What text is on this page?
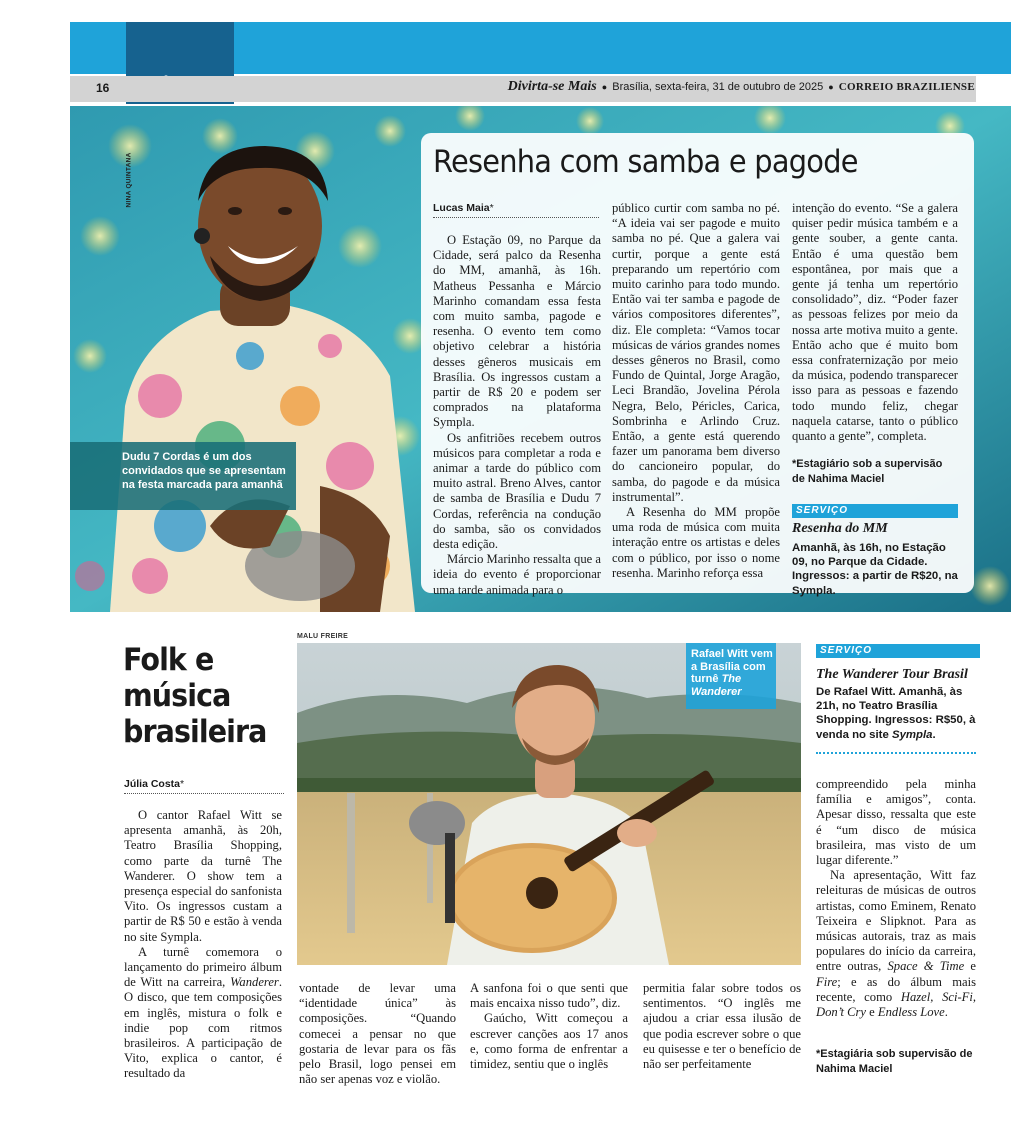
16	Divirta-se Mais ● Brasília, sexta-feira, 31 de outubro de 2025 ● CORREIO BRAZILIENSE
NINA QUINTANA

Dudu 7 Cordas é um dos convidados que se apresentam na festa marcada para amanhã

Resenha com samba e pagode
Lucas Maia*

O Estação 09, no Parque da Cidade, será palco da Resenha do MM, amanhã, às 16h. Matheus Pessanha e Márcio Marinho comandam essa festa com muito samba, pagode e resenha. O evento tem como objetivo celebrar a história desses gêneros musicais em Brasília. Os ingressos custam a partir de R$ 20 e podem ser comprados na plataforma Sympla.

Os anfitriões recebem outros músicos para completar a roda e animar a tarde do público com muito astral. Breno Alves, cantor de samba de Brasília e Dudu 7 Cordas, referência na condução do samba, são os convidados desta edição.

Márcio Marinho ressalta que a ideia do evento é proporcionar uma tarde animada para o

público curtir com samba no pé. “A ideia vai ser pagode e muito samba no pé. Que a galera vai curtir, porque a gente está preparando um repertório com muito carinho para todo mundo. Então vai ter samba e pagode de vários compositores diferentes”, diz. Ele completa: “Vamos tocar músicas de vários grandes nomes desses gêneros no Brasil, como Fundo de Quintal, Jorge Aragão, Leci Brandão, Jovelina Pérola Negra, Belo, Péricles, Carica, Sombrinha e Arlindo Cruz. Então, a gente está querendo fazer um panorama bem diverso do cancioneiro popular, do samba, do pagode e da música instrumental”.

A Resenha do MM propõe uma roda de música com muita interação entre os artistas e deles com o público, por isso o nome resenha. Marinho reforça essa

intenção do evento. “Se a galera quiser pedir música também e a gente souber, a gente canta. Então é uma questão bem espontânea, por mais que a gente já tenha um repertório consolidado”, diz. “Poder fazer as pessoas felizes por meio da nossa arte motiva muito a gente. Então acho que é muito bom essa confraternização por meio da música, podendo transparecer isso para as pessoas e fazendo todo mundo feliz, chegar naquela catarse, tanto o público quanto a gente”, completa.

*Estagiário sob a supervisão de Nahima Maciel
SERVIÇO
Resenha do MM
Amanhã, às 16h, no Estação 09, no Parque da Cidade. Ingressos: a partir de R$20, na Sympla.
Folk e música brasileira
Júlia Costa*
MALU FREIRE

Rafael Witt vem a Brasília com turnê The Wanderer

O cantor Rafael Witt se apresenta amanhã, às 20h, Teatro Brasília Shopping, como parte da turnê The Wanderer. O show tem a presença especial do sanfonista Vito. Os ingressos custam a partir de R$ 50 e estão à venda no site Sympla.

A turnê comemora o lançamento do primeiro álbum de Witt na carreira, Wanderer. O disco, que tem composições em inglês, mistura o folk e indie pop com ritmos brasileiros. A participação de Vito, explica o cantor, é resultado da

vontade de levar uma “identidade única” às composições. “Quando comecei a pensar no que gostaria de levar para os fãs pelo Brasil, logo pensei em não ser apenas voz e violão.

A sanfona foi o que senti que mais encaixa nisso tudo”, diz.

Gaúcho, Witt começou a escrever canções aos 17 anos e, como forma de enfrentar a timidez, sentiu que o inglês

permitia falar sobre todos os sentimentos. “O inglês me ajudou a criar essa ilusão de que podia escrever sobre o que eu quisesse e ter o benefício de não ser perfeitamente

compreendido pela minha família e amigos”, conta. Apesar disso, ressalta que este é “um disco de música brasileira, mas visto de um lugar diferente.”

Na apresentação, Witt faz releituras de músicas de outros artistas, como Eminem, Renato Teixeira e Slipknot. Para as músicas autorais, traz as mais populares do início da carreira, entre outras, Space & Time e Fire; e as do álbum mais recente, como Hazel, Sci-Fi, Don’t Cry e Endless Love.

SERVIÇO
The Wanderer Tour Brasil
De Rafael Witt. Amanhã, às 21h, no Teatro Brasília Shopping. Ingressos: R$50, à venda no site Sympla.
*Estagiária sob supervisão de Nahima Maciel
